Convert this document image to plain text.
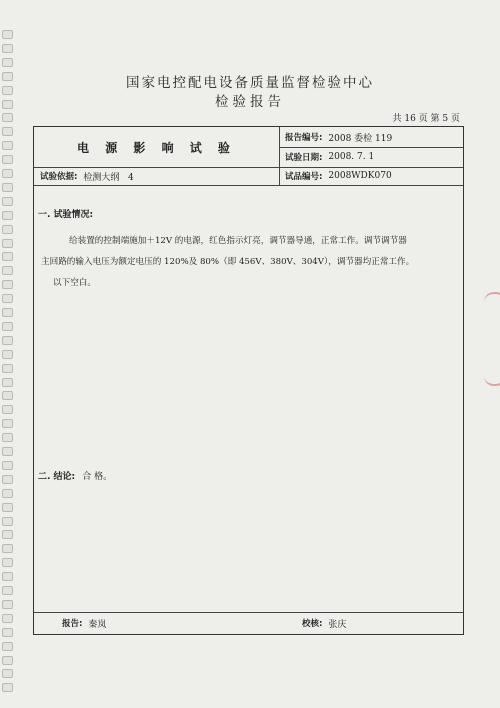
国家电控配电设备质量监督检验中心
检验报告
共 16 页 第 5 页
电 源 影 响 试 验
报告编号: 2008 委检 119
试验日期: 2008. 7. 1
试验依据: 检测大纲   4	试品编号: 2008WDK070
一. 试验情况:
给装置的控制端施加＋12V 的电源，红色指示灯亮，调节器导通，正常工作。调节调节器
主回路的输入电压为额定电压的 120%及 80%（即 456V、380V、304V），调节器均正常工作。
以下空白。
二. 结论: 合 格。
报告: 秦岚	校核: 张庆
